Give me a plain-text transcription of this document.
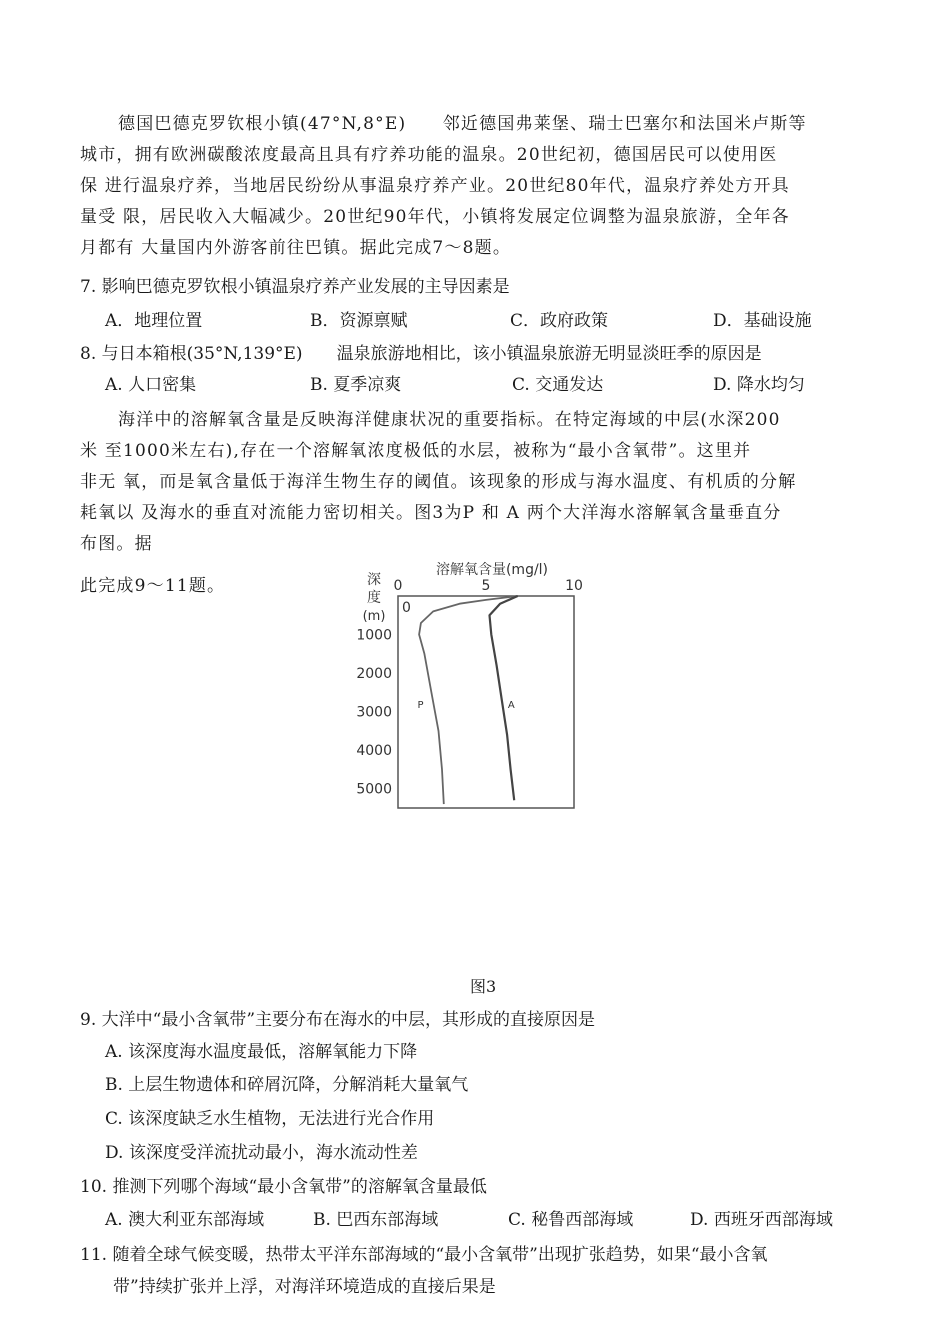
德国巴德克罗钦根小镇(47°N,8°E)　　邻近德国弗莱堡、瑞士巴塞尔和法国米卢斯等
城市，拥有欧洲碳酸浓度最高且具有疗养功能的温泉。20世纪初，德国居民可以使用医
保 进行温泉疗养，当地居民纷纷从事温泉疗养产业。20世纪80年代，温泉疗养处方开具
量受 限，居民收入大幅减少。20世纪90年代，小镇将发展定位调整为温泉旅游，全年各
月都有 大量国内外游客前往巴镇。据此完成7～8题。
7. 影响巴德克罗钦根小镇温泉疗养产业发展的主导因素是
A．地理位置	B．资源禀赋	C．政府政策	D．基础设施
8. 与日本箱根(35°N,139°E)　　温泉旅游地相比，该小镇温泉旅游无明显淡旺季的原因是
A. 人口密集	B. 夏季凉爽	C. 交通发达	D. 降水均匀
海洋中的溶解氧含量是反映海洋健康状况的重要指标。在特定海域的中层(水深200
米 至1000米左右),存在一个溶解氧浓度极低的水层，被称为“最小含氧带”。这里并
非无 氧，而是氧含量低于海洋生物生存的阈值。该现象的形成与海水温度、有机质的分解
耗氧以 及海水的垂直对流能力密切相关。图3为P 和 A 两个大洋海水溶解氧含量垂直分
布图。据
此完成9～11题。
溶解氧含量(mg/l)
0	5	10
深
度
(m)
0
1000
2000
3000
4000
5000
P	A
图3
9. 大洋中“最小含氧带”主要分布在海水的中层，其形成的直接原因是
A. 该深度海水温度最低，溶解氧能力下降
B. 上层生物遗体和碎屑沉降，分解消耗大量氧气
C. 该深度缺乏水生植物，无法进行光合作用
D. 该深度受洋流扰动最小，海水流动性差
10. 推测下列哪个海域“最小含氧带”的溶解氧含量最低
A. 澳大利亚东部海域	B. 巴西东部海域	C. 秘鲁西部海域	D. 西班牙西部海域
11. 随着全球气候变暖，热带太平洋东部海域的“最小含氧带”出现扩张趋势，如果“最小含氧
带”持续扩张并上浮，对海洋环境造成的直接后果是
